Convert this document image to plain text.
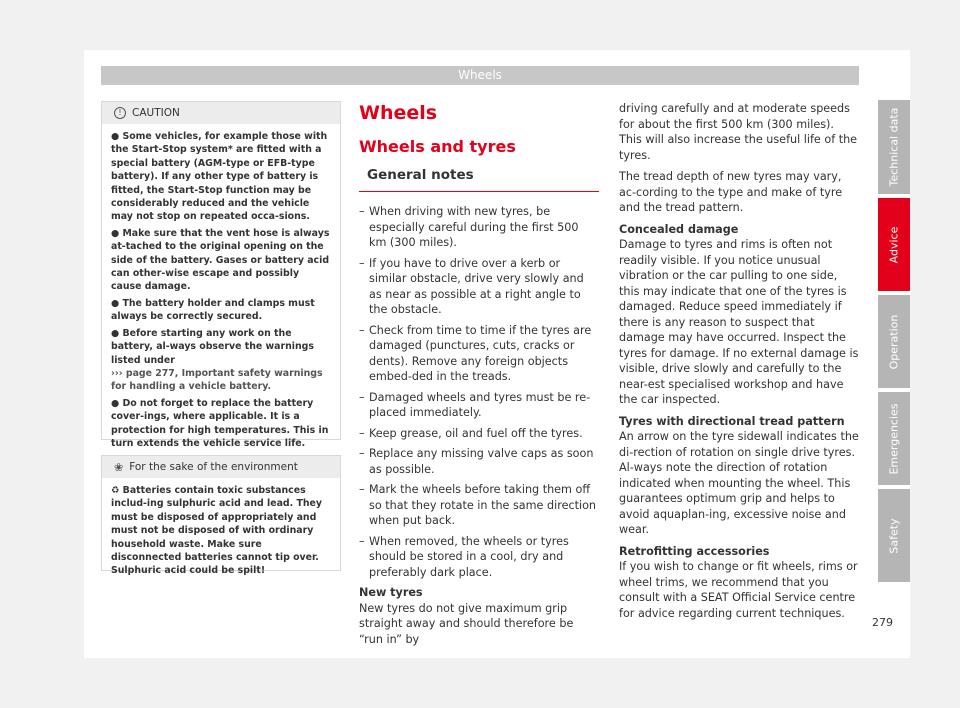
Wheels
! CAUTION

● Some vehicles, for example those with the Start-Stop system* are fitted with a special battery (AGM-type or EFB-type battery). If any other type of battery is fitted, the Start-Stop function may be considerably reduced and the vehicle may not stop on repeated occa-sions.

● Make sure that the vent hose is always at-tached to the original opening on the side of the battery. Gases or battery acid can other-wise escape and possibly cause damage.

● The battery holder and clamps must always be correctly secured.

● Before starting any work on the battery, al-ways observe the warnings listed under

››› page 277, Important safety warnings for handling a vehicle battery.

● Do not forget to replace the battery cover-ings, where applicable. It is a protection for high temperatures. This in turn extends the vehicle service life.

❀ For the sake of the environment

♻ Batteries contain toxic substances includ-ing sulphuric acid and lead. They must be disposed of appropriately and must not be disposed of with ordinary household waste. Make sure disconnected batteries cannot tip over. Sulphuric acid could be spilt!

Wheels
Wheels and tyres
General notes
– When driving with new tyres, be especially careful during the first 500 km (300 miles).
– If you have to drive over a kerb or similar obstacle, drive very slowly and as near as possible at a right angle to the obstacle.
– Check from time to time if the tyres are damaged (punctures, cuts, cracks or dents). Remove any foreign objects embed-ded in the treads.
– Damaged wheels and tyres must be re-placed immediately.
– Keep grease, oil and fuel off the tyres.
– Replace any missing valve caps as soon as possible.
– Mark the wheels before taking them off so that they rotate in the same direction when put back.
– When removed, the wheels or tyres should be stored in a cool, dry and preferably dark place.

New tyres

New tyres do not give maximum grip straight away and should therefore be “run in” by

driving carefully and at moderate speeds for about the first 500 km (300 miles). This will also increase the useful life of the tyres.

The tread depth of new tyres may vary, ac-cording to the type and make of tyre and the tread pattern.

Concealed damage

Damage to tyres and rims is often not readily visible. If you notice unusual vibration or the car pulling to one side, this may indicate that one of the tyres is damaged. Reduce speed immediately if there is any reason to suspect that damage may have occurred. Inspect the tyres for damage. If no external damage is visible, drive slowly and carefully to the near-est specialised workshop and have the car inspected.

Tyres with directional tread pattern

An arrow on the tyre sidewall indicates the di-rection of rotation on single drive tyres. Al-ways note the direction of rotation indicated when mounting the wheel. This guarantees optimum grip and helps to avoid aquaplan-ing, excessive noise and wear.

Retrofitting accessories

If you wish to change or fit wheels, rims or wheel trims, we recommend that you consult with a SEAT Official Service centre for advice regarding current techniques.

Technical data
Advice
Operation
Emergencies
Safety
279
